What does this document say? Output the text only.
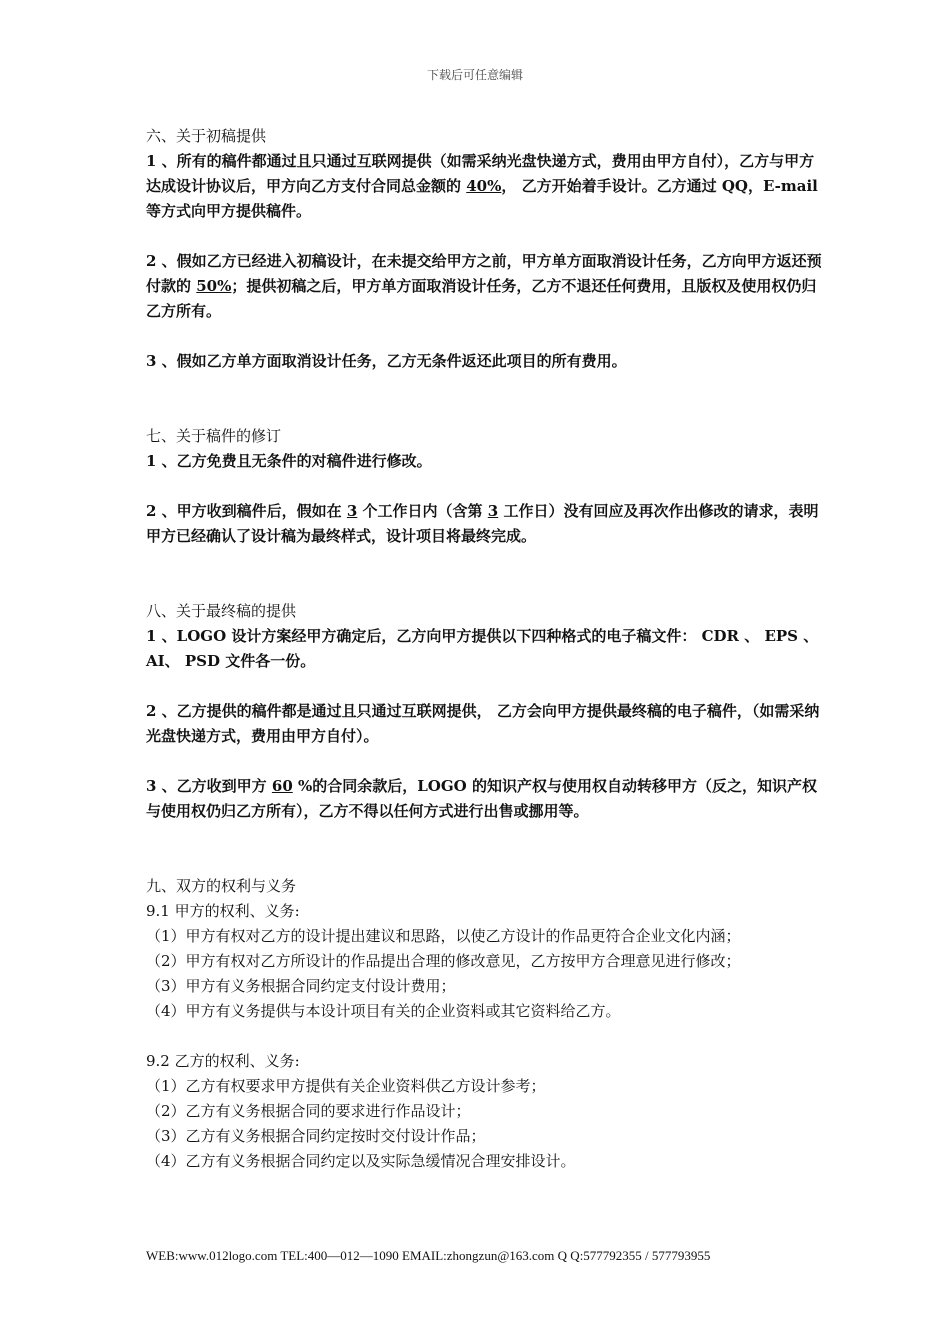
下载后可任意编辑

六、关于初稿提供

1 、所有的稿件都通过且只通过互联网提供（如需采纳光盘快递方式，费用由甲方自付），乙方与甲方达成设计协议后，甲方向乙方支付合同总金额的 40%， 乙方开始着手设计。乙方通过 QQ，E-mail 等方式向甲方提供稿件。

2 、假如乙方已经进入初稿设计，在未提交给甲方之前，甲方单方面取消设计任务，乙方向甲方返还预付款的 50%；提供初稿之后，甲方单方面取消设计任务，乙方不退还任何费用，且版权及使用权仍归乙方所有。

3 、假如乙方单方面取消设计任务，乙方无条件返还此项目的所有费用。

七、关于稿件的修订

1 、乙方免费且无条件的对稿件进行修改。

2 、甲方收到稿件后，假如在 3 个工作日内（含第 3 工作日）没有回应及再次作出修改的请求，表明甲方已经确认了设计稿为最终样式，设计项目将最终完成。

八、关于最终稿的提供

1 、LOGO 设计方案经甲方确定后，乙方向甲方提供以下四种格式的电子稿文件： CDR 、 EPS 、AI、 PSD 文件各一份。

2 、乙方提供的稿件都是通过且只通过互联网提供， 乙方会向甲方提供最终稿的电子稿件，（如需采纳光盘快递方式，费用由甲方自付）。

3 、乙方收到甲方 60 %的合同余款后，LOGO 的知识产权与使用权自动转移甲方（反之，知识产权与使用权仍归乙方所有），乙方不得以任何方式进行出售或挪用等。

九、双方的权利与义务

9.1 甲方的权利、义务:

（1）甲方有权对乙方的设计提出建议和思路，以使乙方设计的作品更符合企业文化内涵；

（2）甲方有权对乙方所设计的作品提出合理的修改意见，乙方按甲方合理意见进行修改；

（3）甲方有义务根据合同约定支付设计费用；

（4）甲方有义务提供与本设计项目有关的企业资料或其它资料给乙方。

9.2 乙方的权利、义务:

（1）乙方有权要求甲方提供有关企业资料供乙方设计参考；

（2）乙方有义务根据合同的要求进行作品设计；

（3）乙方有义务根据合同约定按时交付设计作品；

（4）乙方有义务根据合同约定以及实际急缓情况合理安排设计。

WEB:www.012logo.com TEL:400—012—1090 EMAIL:zhongzun@163.com Q Q:577792355 / 577793955
